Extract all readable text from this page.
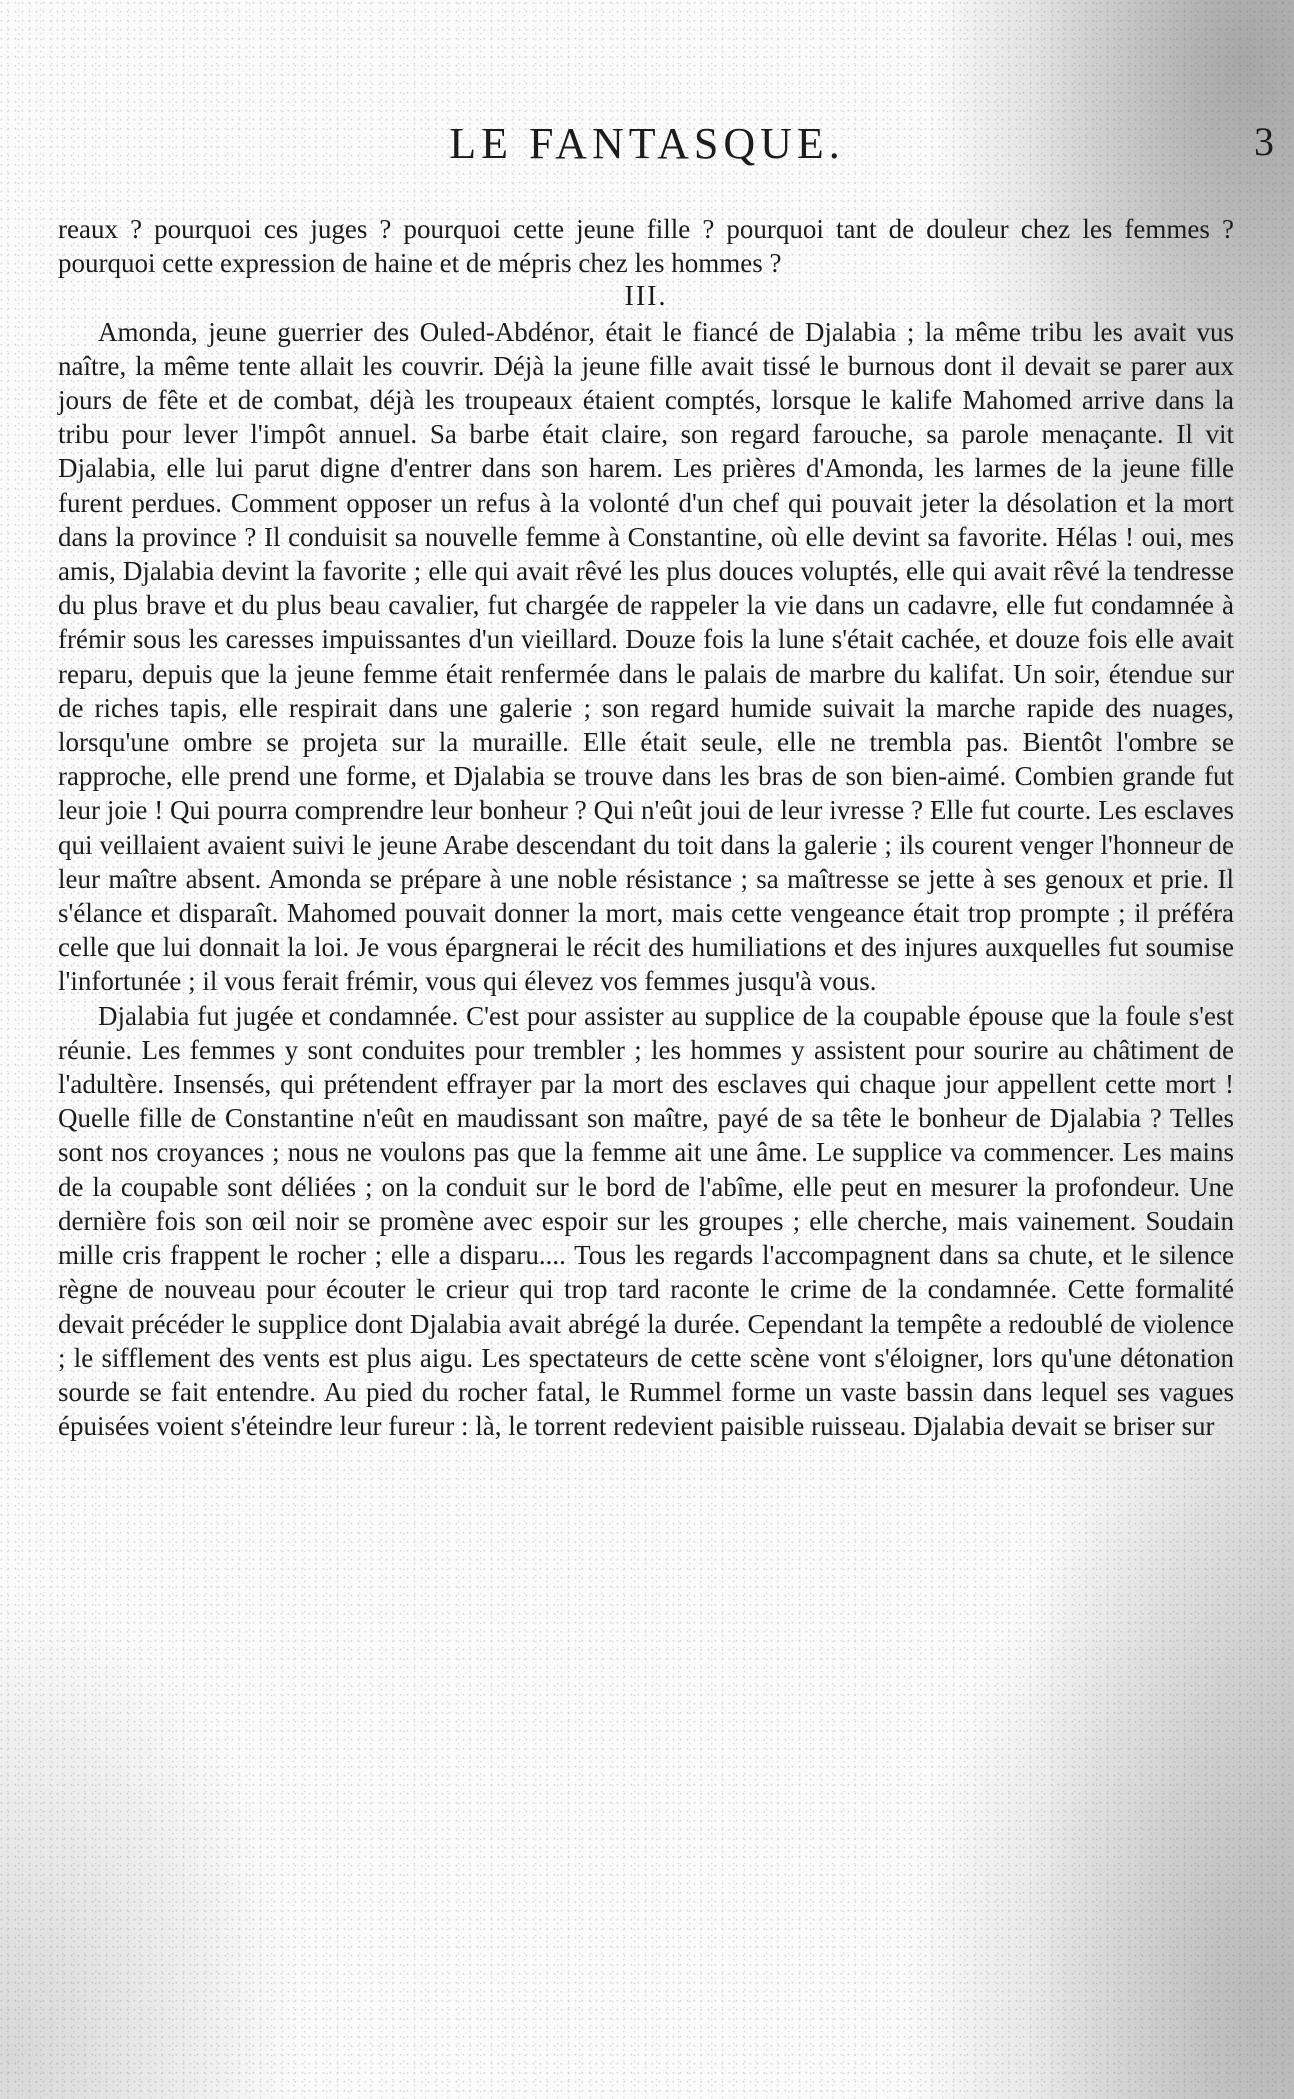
LE FANTASQUE.	3

reaux ? pourquoi ces juges ? pourquoi cette jeune fille ? pourquoi tant de douleur chez les femmes ? pourquoi cette expression de haine et de mépris chez les hommes ?

III.

Amonda, jeune guerrier des Ouled-Abdénor, était le fiancé de Djalabia ; la même tribu les avait vus naître, la même tente allait les couvrir. Déjà la jeune fille avait tissé le burnous dont il devait se parer aux jours de fête et de combat, déjà les troupeaux étaient comptés, lorsque le kalife Mahomed arrive dans la tribu pour lever l'impôt annuel. Sa barbe était claire, son regard farouche, sa parole menaçante. Il vit Djalabia, elle lui parut digne d'entrer dans son harem. Les prières d'Amonda, les larmes de la jeune fille furent perdues. Comment opposer un refus à la volonté d'un chef qui pouvait jeter la désolation et la mort dans la province ? Il conduisit sa nouvelle femme à Constantine, où elle devint sa favorite. Hélas ! oui, mes amis, Djalabia devint la favorite ; elle qui avait rêvé les plus douces voluptés, elle qui avait rêvé la tendresse du plus brave et du plus beau cavalier, fut chargée de rappeler la vie dans un cadavre, elle fut condamnée à frémir sous les caresses impuissantes d'un vieillard. Douze fois la lune s'était cachée, et douze fois elle avait reparu, depuis que la jeune femme était renfermée dans le palais de marbre du kalifat. Un soir, étendue sur de riches tapis, elle respirait dans une galerie ; son regard humide suivait la marche rapide des nuages, lorsqu'une ombre se projeta sur la muraille. Elle était seule, elle ne trembla pas. Bientôt l'ombre se rapproche, elle prend une forme, et Djalabia se trouve dans les bras de son bien-aimé. Combien grande fut leur joie ! Qui pourra comprendre leur bonheur ? Qui n'eût joui de leur ivresse ? Elle fut courte. Les esclaves qui veillaient avaient suivi le jeune Arabe descendant du toit dans la galerie ; ils courent venger l'honneur de leur maître absent. Amonda se prépare à une noble résistance ; sa maîtresse se jette à ses genoux et prie. Il s'élance et disparaît. Mahomed pouvait donner la mort, mais cette vengeance était trop prompte ; il préféra celle que lui donnait la loi. Je vous épargnerai le récit des humiliations et des injures auxquelles fut soumise l'infortunée ; il vous ferait frémir, vous qui élevez vos femmes jusqu'à vous.

Djalabia fut jugée et condamnée. C'est pour assister au supplice de la coupable épouse que la foule s'est réunie. Les femmes y sont conduites pour trembler ; les hommes y assistent pour sourire au châtiment de l'adultère. Insensés, qui prétendent effrayer par la mort des esclaves qui chaque jour appellent cette mort ! Quelle fille de Constantine n'eût en maudissant son maître, payé de sa tête le bonheur de Djalabia ? Telles sont nos croyances ; nous ne voulons pas que la femme ait une âme. Le supplice va commencer. Les mains de la coupable sont déliées ; on la conduit sur le bord de l'abîme, elle peut en mesurer la profondeur. Une dernière fois son œil noir se promène avec espoir sur les groupes ; elle cherche, mais vainement. Soudain mille cris frappent le rocher ; elle a disparu.... Tous les regards l'accompagnent dans sa chute, et le silence règne de nouveau pour écouter le crieur qui trop tard raconte le crime de la condamnée. Cette formalité devait précéder le supplice dont Djalabia avait abrégé la durée. Cependant la tempête a redoublé de violence ; le sifflement des vents est plus aigu. Les spectateurs de cette scène vont s'éloigner, lors qu'une détonation sourde se fait entendre. Au pied du rocher fatal, le Rummel forme un vaste bassin dans lequel ses vagues épuisées voient s'éteindre leur fureur : là, le torrent redevient paisible ruisseau. Djalabia devait se briser sur
